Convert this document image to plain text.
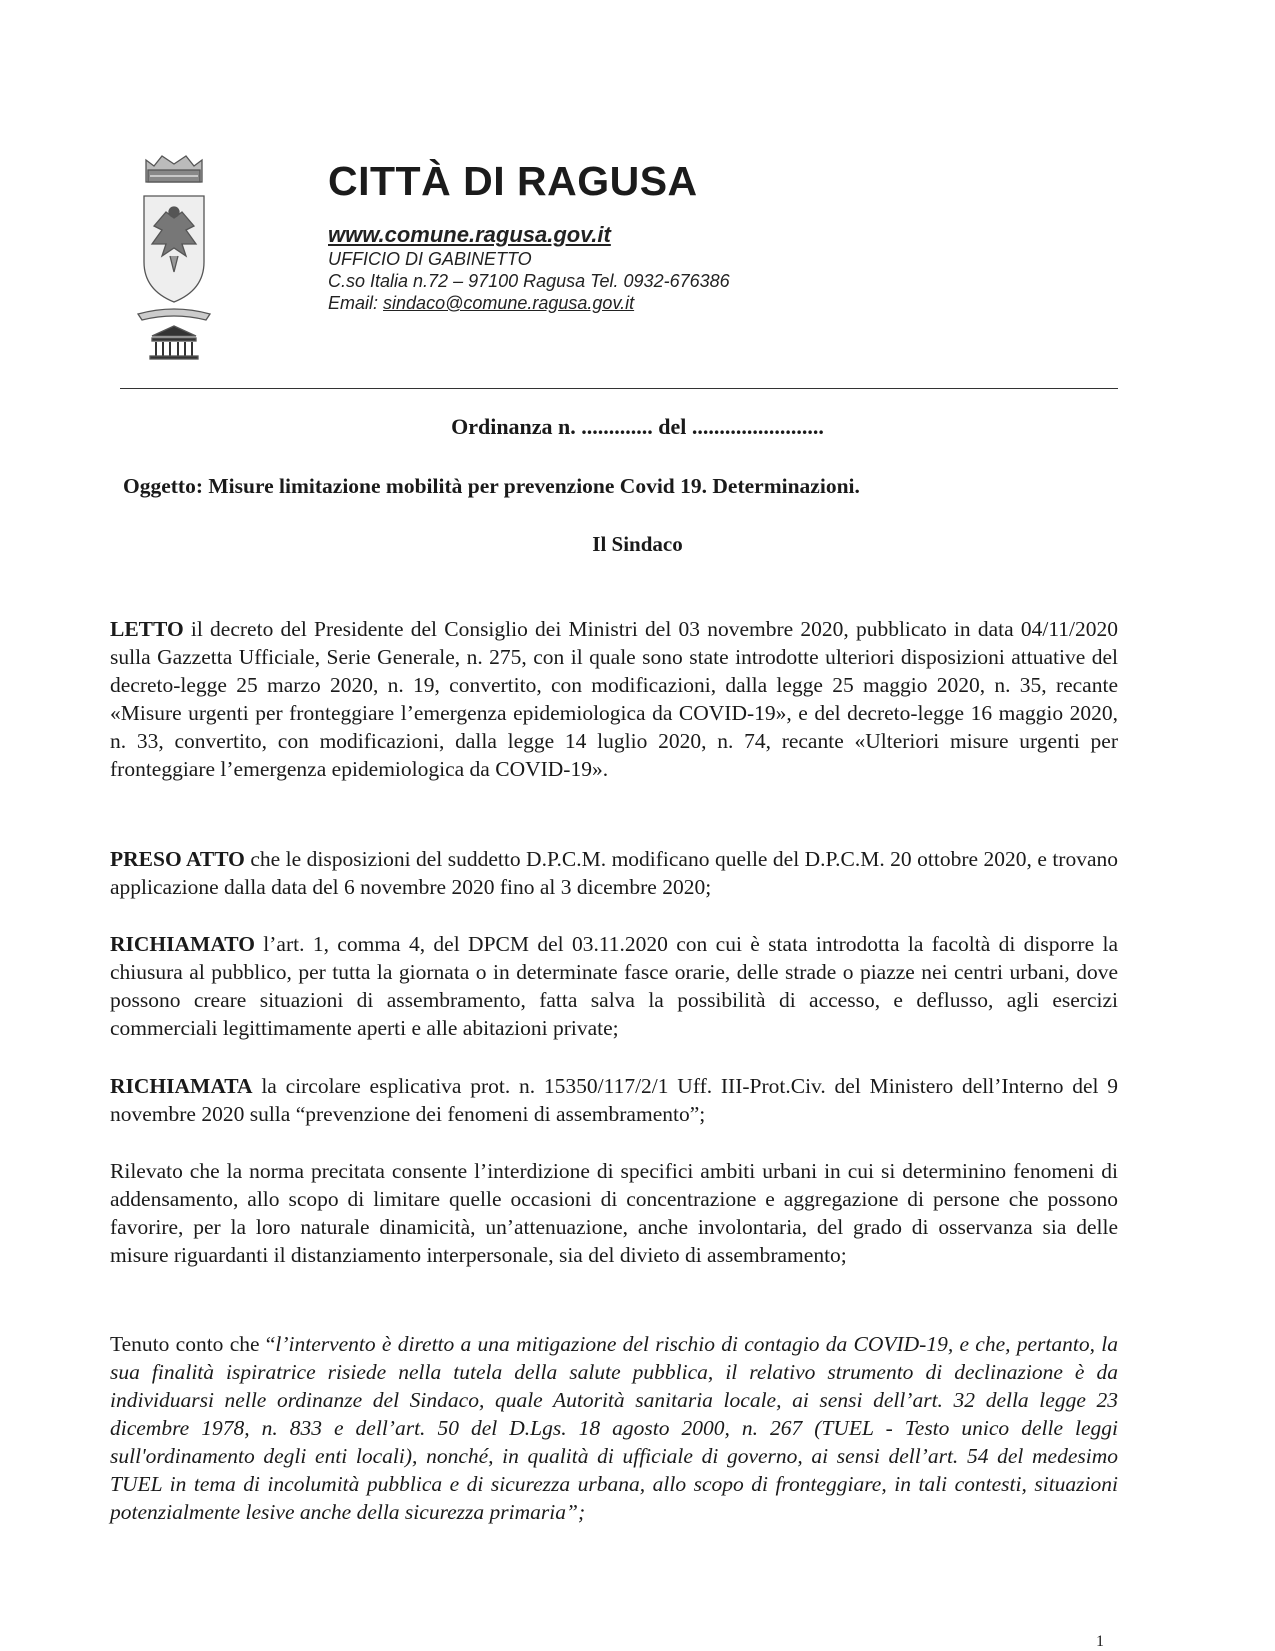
CITTÀ DI RAGUSA
www.comune.ragusa.gov.it
UFFICIO DI GABINETTO
C.so Italia n.72 – 97100 Ragusa Tel. 0932-676386
Email: sindaco@comune.ragusa.gov.it
Ordinanza n. ............. del ........................
Oggetto: Misure limitazione mobilità per prevenzione Covid 19. Determinazioni.
Il Sindaco

LETTO il decreto del Presidente del Consiglio dei Ministri del 03 novembre 2020, pubblicato in data 04/11/2020 sulla Gazzetta Ufficiale, Serie Generale, n. 275, con il quale sono state introdotte ulteriori disposizioni attuative del decreto-legge 25 marzo 2020, n. 19, convertito, con modificazioni, dalla legge 25 maggio 2020, n. 35, recante «Misure urgenti per fronteggiare l’emergenza epidemiologica da COVID-19», e del decreto-legge 16 maggio 2020, n. 33, convertito, con modificazioni, dalla legge 14 luglio 2020, n. 74, recante «Ulteriori misure urgenti per fronteggiare l’emergenza epidemiologica da COVID-19».

PRESO ATTO che le disposizioni del suddetto D.P.C.M. modificano quelle del D.P.C.M. 20 ottobre 2020, e trovano applicazione dalla data del 6 novembre 2020 fino al 3 dicembre 2020;

RICHIAMATO l’art. 1, comma 4, del DPCM del 03.11.2020 con cui è stata introdotta la facoltà di disporre la chiusura al pubblico, per tutta la giornata o in determinate fasce orarie, delle strade o piazze nei centri urbani, dove possono creare situazioni di assembramento, fatta salva la possibilità di accesso, e deflusso, agli esercizi commerciali legittimamente aperti e alle abitazioni private;

RICHIAMATA la circolare esplicativa prot. n. 15350/117/2/1 Uff. III-Prot.Civ. del Ministero dell’Interno del 9 novembre 2020 sulla “prevenzione dei fenomeni di assembramento”;

Rilevato che la norma precitata consente l’interdizione di specifici ambiti urbani in cui si determinino fenomeni di addensamento, allo scopo di limitare quelle occasioni di concentrazione e aggregazione di persone che possono favorire, per la loro naturale dinamicità, un’attenuazione, anche involontaria, del grado di osservanza sia delle misure riguardanti il distanziamento interpersonale, sia del divieto di assembramento;

Tenuto conto che “l’intervento è diretto a una mitigazione del rischio di contagio da COVID-19, e che, pertanto, la sua finalità ispiratrice risiede nella tutela della salute pubblica, il relativo strumento di declinazione è da individuarsi nelle ordinanze del Sindaco, quale Autorità sanitaria locale, ai sensi dell’art. 32 della legge 23 dicembre 1978, n. 833 e dell’art. 50 del D.Lgs. 18 agosto 2000, n. 267 (TUEL - Testo unico delle leggi sull'ordinamento degli enti locali), nonché, in qualità di ufficiale di governo, ai sensi dell’art. 54 del medesimo TUEL in tema di incolumità pubblica e di sicurezza urbana, allo scopo di fronteggiare, in tali contesti, situazioni potenzialmente lesive anche della sicurezza primaria”;

1
